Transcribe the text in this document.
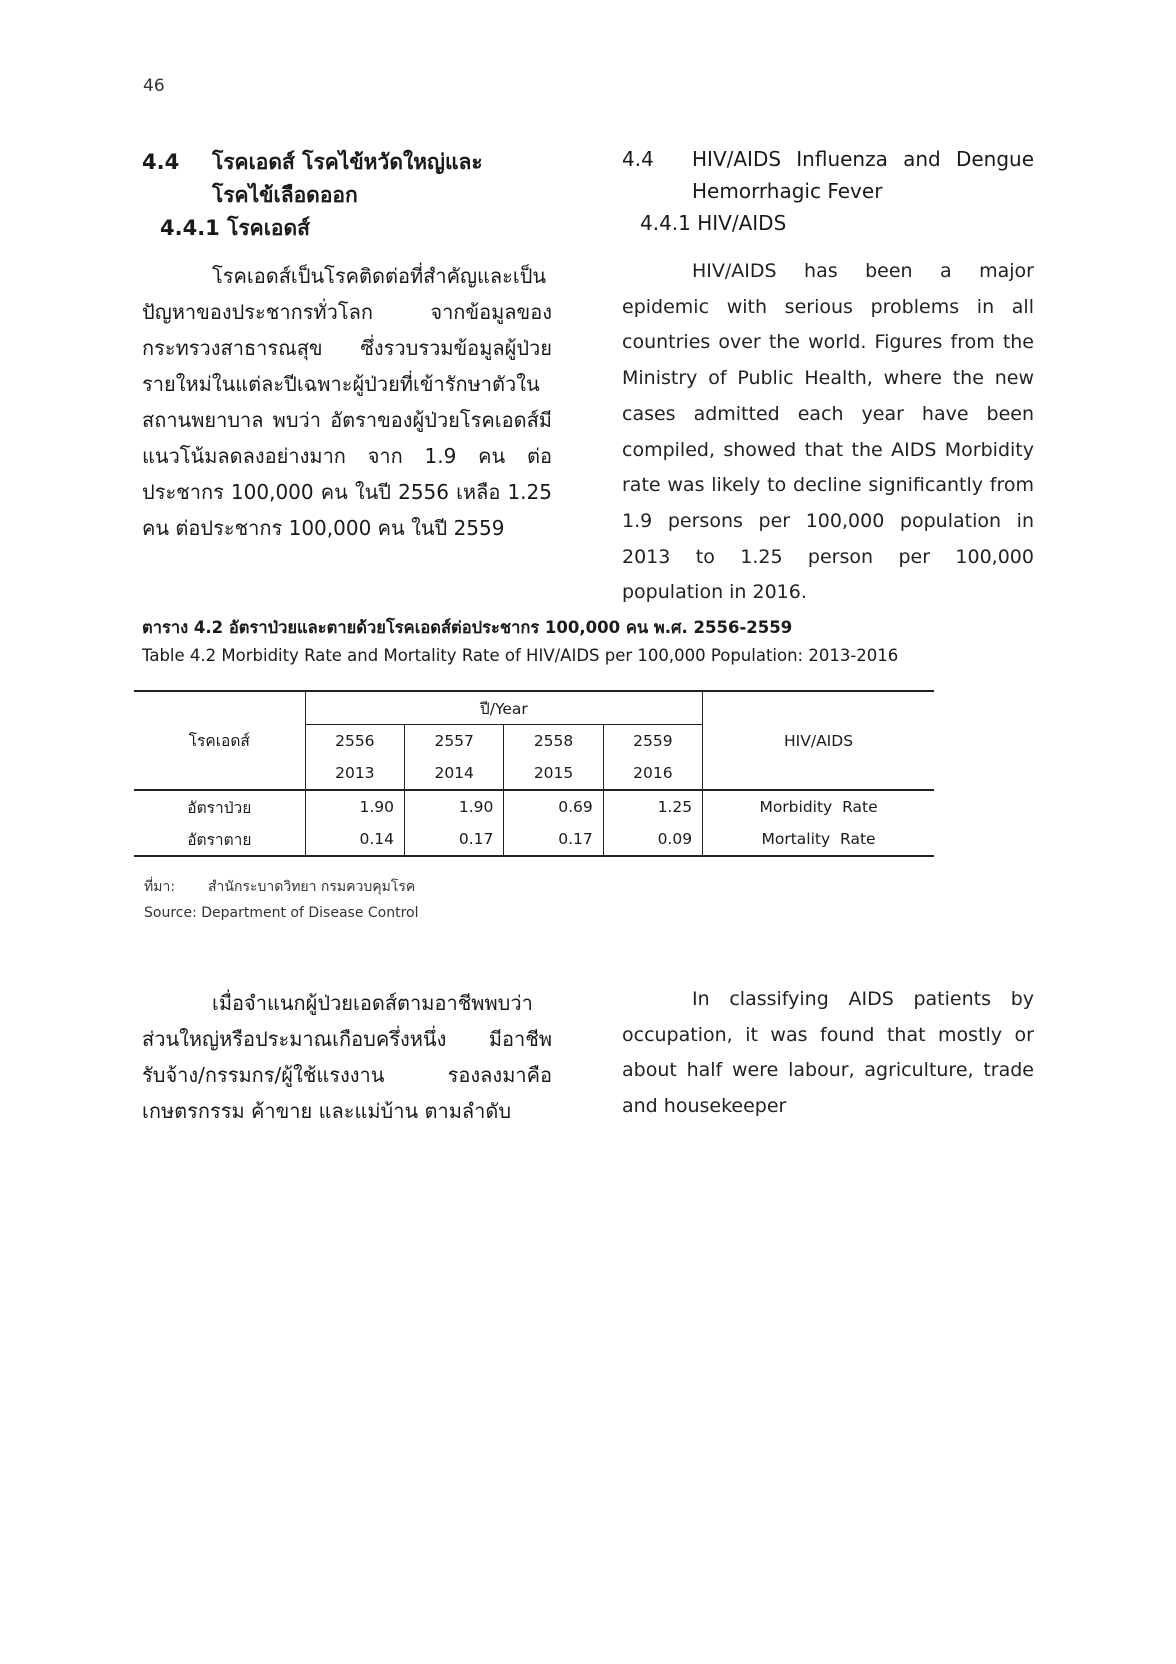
46
4.4 โรคเอดส์ โรคไข้หวัดใหญ่และ
โรคไข้เลือดออก
4.4.1 โรคเอดส์
4.4	HIV/AIDS Influenza and Dengue
Hemorrhagic Fever
4.4.1 HIV/AIDS
โรคเอดส์เป็นโรคติดต่อที่สำคัญและเป็นปัญหาของประชากรทั่วโลก จากข้อมูลของกระทรวงสาธารณสุข ซึ่งรวบรวมข้อมูลผู้ป่วยรายใหม่ในแต่ละปีเฉพาะผู้ป่วยที่เข้ารักษาตัวในสถานพยาบาล พบว่า อัตราของผู้ป่วยโรคเอดส์มีแนวโน้มลดลงอย่างมาก จาก 1.9 คน ต่อประชากร 100,000 คน ในปี 2556 เหลือ 1.25 คน ต่อประชากร 100,000 คน ในปี 2559
HIV/AIDS has been a major epidemic with serious problems in all countries over the world. Figures from the Ministry of Public Health, where the new cases admitted each year have been compiled, showed that the AIDS Morbidity rate was likely to decline significantly from 1.9 persons per 100,000 population in 2013 to 1.25 person per 100,000 population in 2016.
ตาราง 4.2 อัตราป่วยและตายด้วยโรคเอดส์ต่อประชากร 100,000 คน พ.ศ. 2556-2559
Table 4.2 Morbidity Rate and Mortality Rate of HIV/AIDS per 100,000 Population: 2013-2016
โรคเอดส์	ปี/Year				HIV/AIDS
	2556	2557	2558	2559	
	2013	2014	2015	2016	
อัตราป่วย	1.90	1.90	0.69	1.25	Morbidity  Rate
อัตราตาย	0.14	0.17	0.17	0.09	Mortality  Rate
ที่มา: สำนักระบาดวิทยา กรมควบคุมโรค
Source: Department of Disease Control
เมื่อจำแนกผู้ป่วยเอดส์ตามอาชีพพบว่าส่วนใหญ่หรือประมาณเกือบครึ่งหนึ่ง มีอาชีพรับจ้าง/กรรมกร/ผู้ใช้แรงงาน รองลงมาคือเกษตรกรรม ค้าขาย และแม่บ้าน ตามลำดับ
In classifying AIDS patients by occupation, it was found that mostly or about half were labour, agriculture, trade and housekeeper
